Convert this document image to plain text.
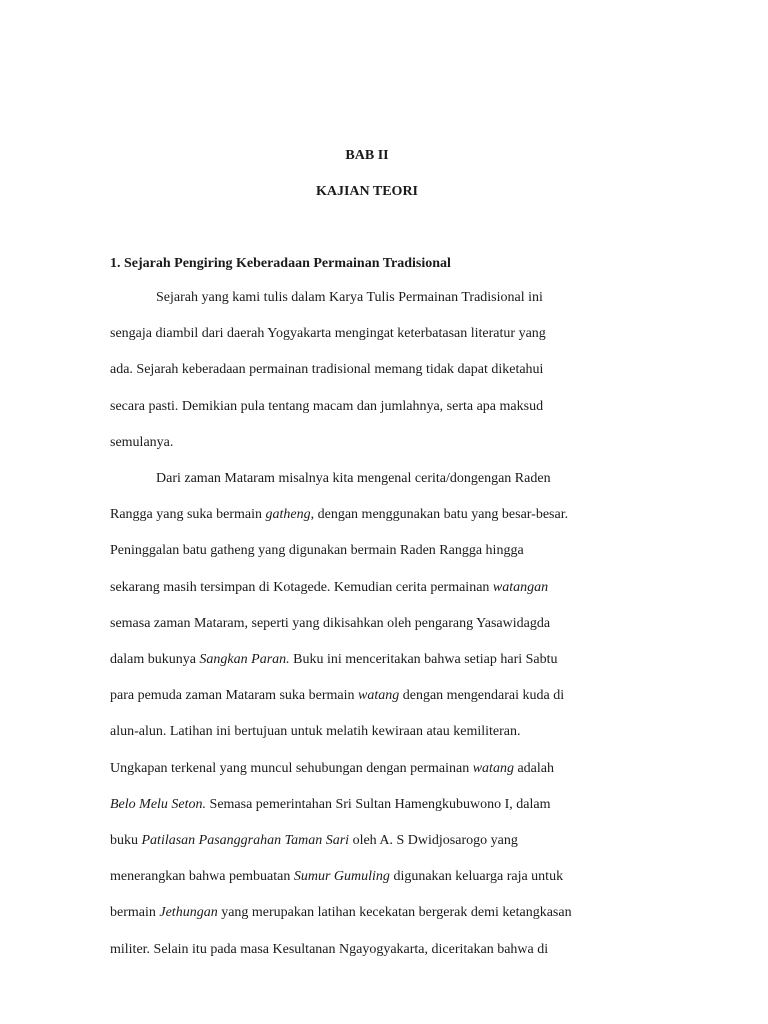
BAB II
KAJIAN TEORI
1. Sejarah Pengiring Keberadaan Permainan Tradisional
Sejarah yang kami tulis dalam Karya Tulis Permainan Tradisional ini
sengaja diambil dari daerah Yogyakarta mengingat keterbatasan literatur yang
ada. Sejarah keberadaan permainan tradisional memang tidak dapat diketahui
secara pasti. Demikian pula tentang macam dan jumlahnya, serta apa maksud
semulanya.
Dari zaman Mataram misalnya kita mengenal cerita/dongengan Raden
Rangga yang suka bermain gatheng, dengan menggunakan batu yang besar-besar.
Peninggalan batu gatheng yang digunakan bermain Raden Rangga hingga
sekarang masih tersimpan di Kotagede. Kemudian cerita permainan watangan
semasa zaman Mataram, seperti yang dikisahkan oleh pengarang Yasawidagda
dalam bukunya Sangkan Paran. Buku ini menceritakan bahwa setiap hari Sabtu
para pemuda zaman Mataram suka bermain watang dengan mengendarai kuda di
alun-alun. Latihan ini bertujuan untuk melatih kewiraan atau kemiliteran.
Ungkapan terkenal yang muncul sehubungan dengan permainan watang adalah
Belo Melu Seton. Semasa pemerintahan Sri Sultan Hamengkubuwono I, dalam
buku Patilasan Pasanggrahan Taman Sari oleh A. S Dwidjosarogo yang
menerangkan bahwa pembuatan Sumur Gumuling digunakan keluarga raja untuk
bermain Jethungan yang merupakan latihan kecekatan bergerak demi ketangkasan
militer. Selain itu pada masa Kesultanan Ngayogyakarta, diceritakan bahwa di
